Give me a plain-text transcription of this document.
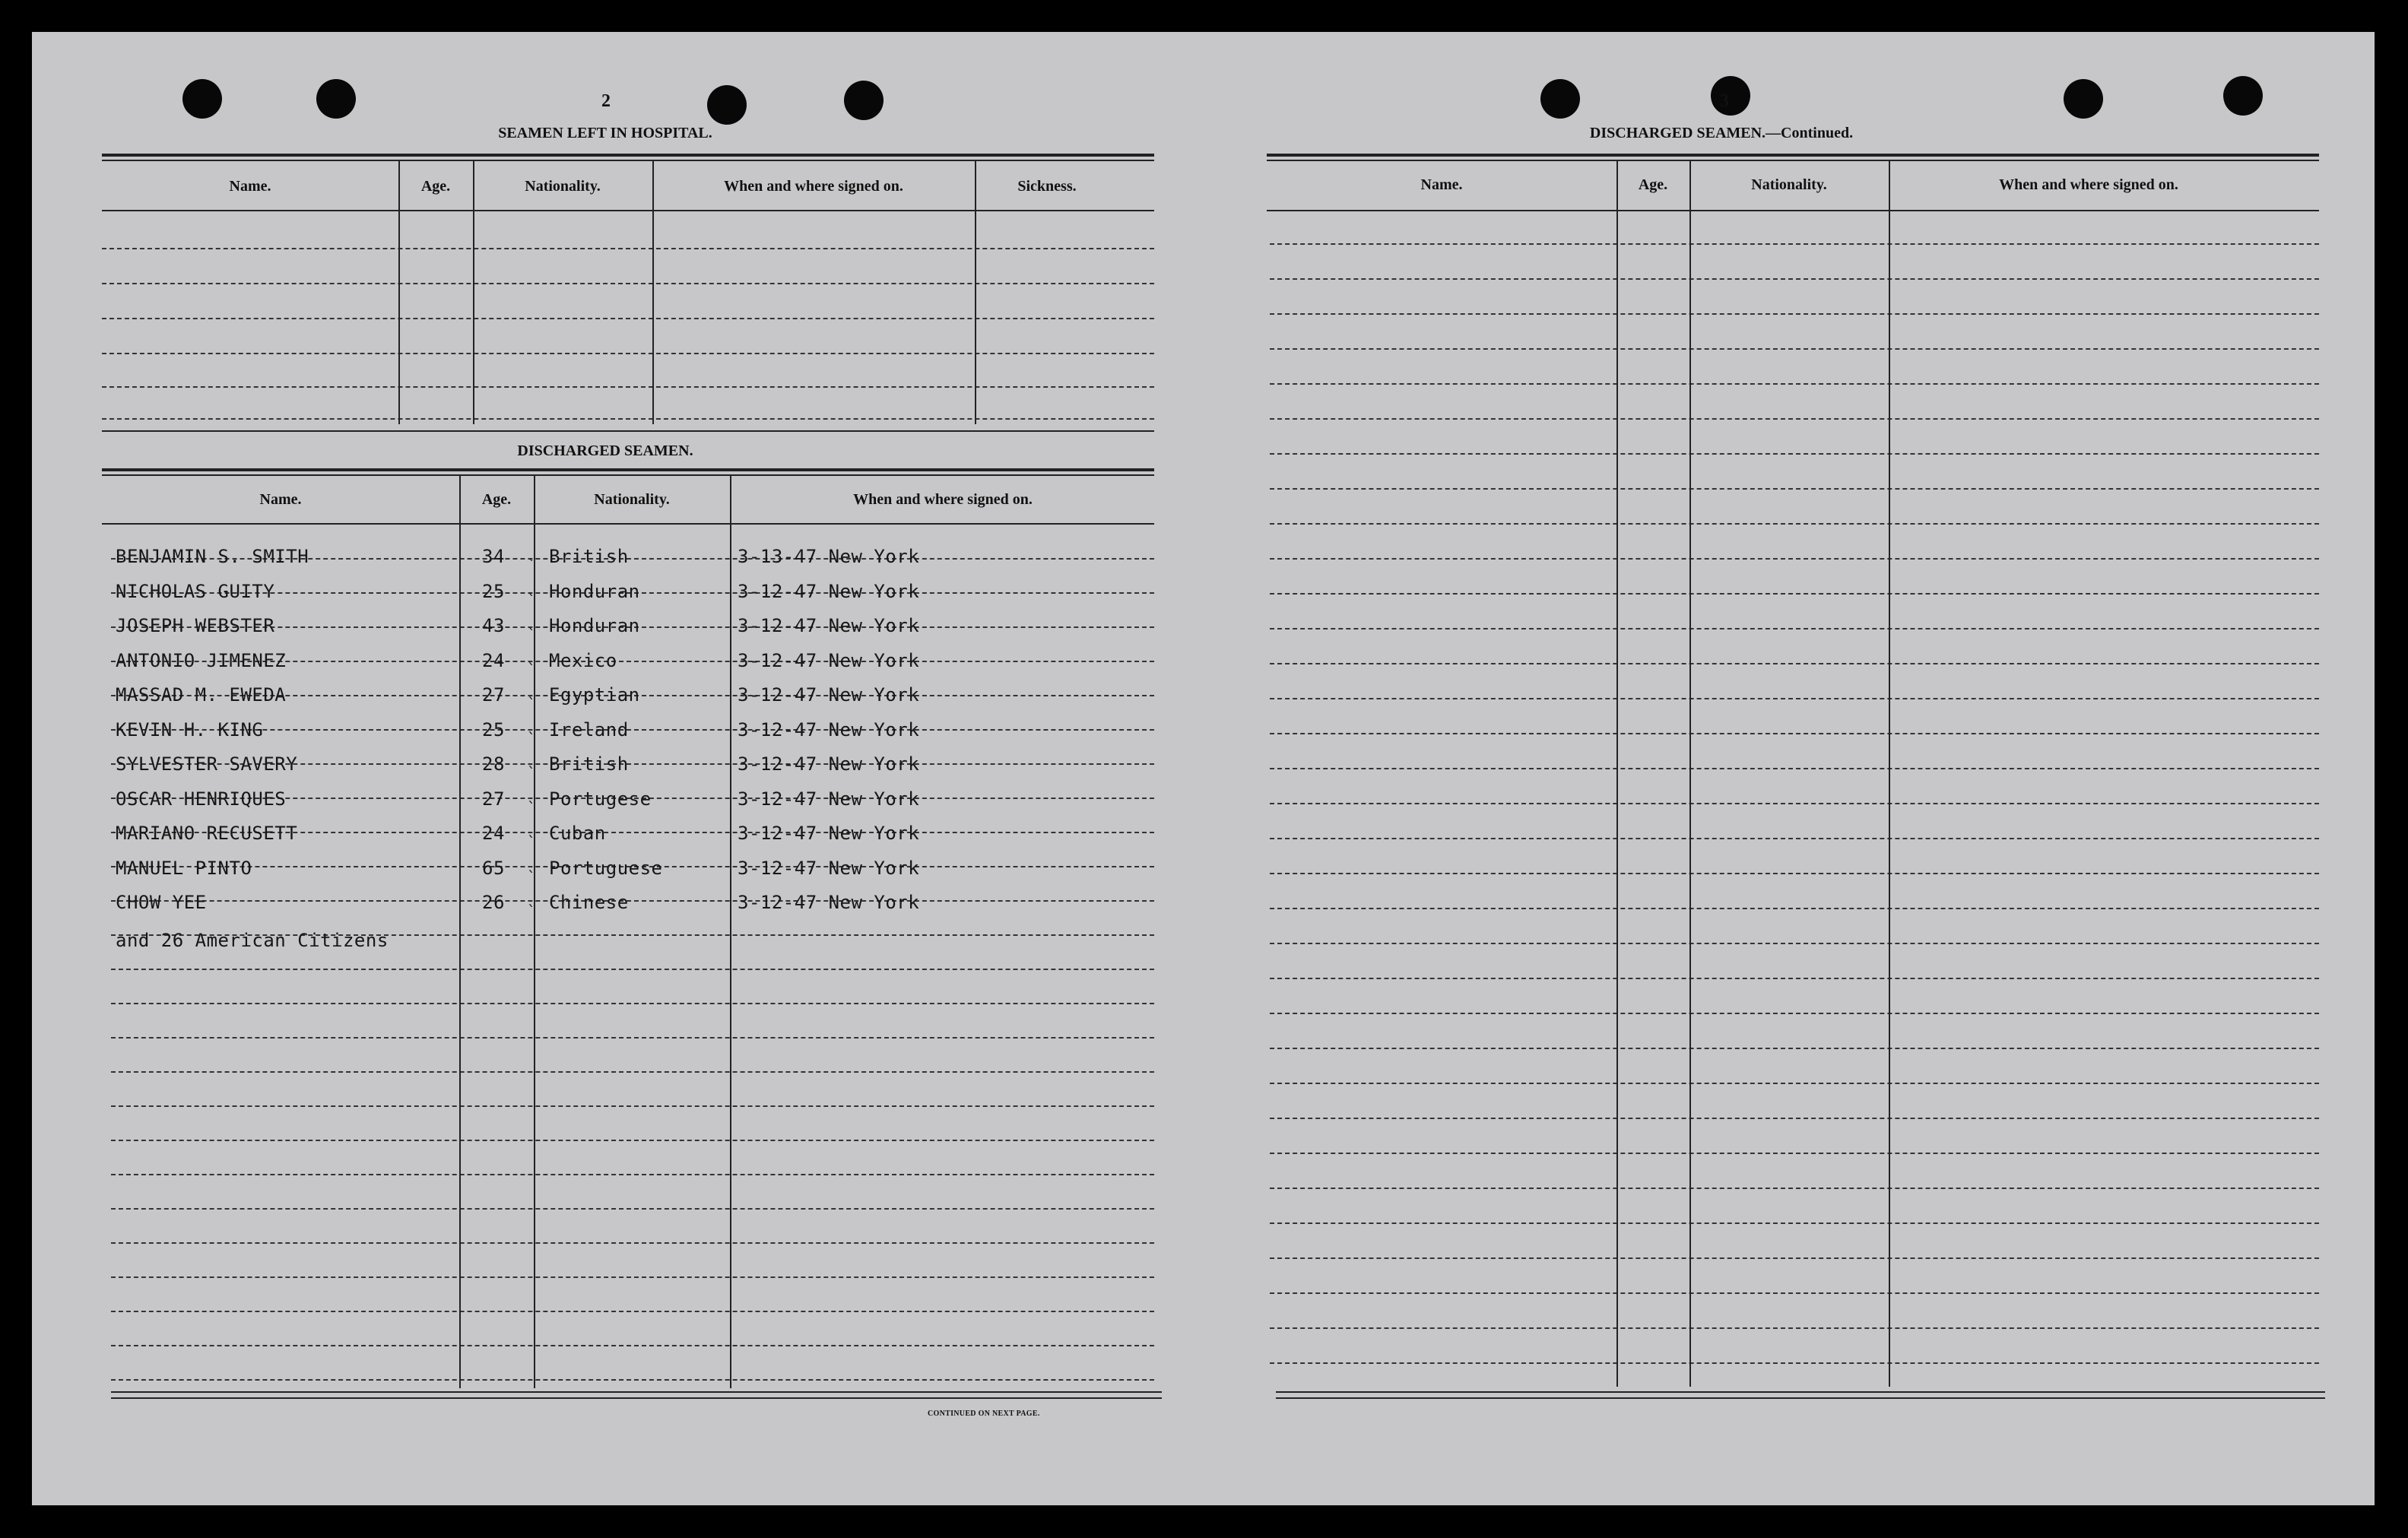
2
SEAMEN LEFT IN HOSPITAL.
Name.	Age.	Nationality.	When and where signed on.	Sickness.
DISCHARGED SEAMEN.
Name.	Age.	Nationality.	When and where signed on.
CONTINUED ON NEXT PAGE.
3
DISCHARGED SEAMEN.—Continued.
Name.	Age.	Nationality.	When and where signed on.
BENJAMIN S. SMITH	34 ˎ British	3-13-47 New York
NICHOLAS GUITY	25 ˎ Honduran	3-12-47 New York
JOSEPH WEBSTER	43 ˎ Honduran	3-12-47 New York
ANTONIO JIMENEZ	24 ˎ Mexico	3-12-47 New York
MASSAD M. EWEDA	27 ˎ Egyptian	3-12-47 New York
KEVIN H. KING	25 ˎ Ireland	3-12-47 New York
SYLVESTER SAVERY	28 ˎ British	3-12-47 New York
OSCAR HENRIQUES	27 ˎ Portugese	3-12-47 New York
MARIANO RECUSETT	24 ˎ Cuban	3-12-47 New York
MANUEL PINTO	65 ˎ Portuguese	3-12-47 New York
CHOW YEE	26 ˎ Chinese	3-12-47 New York
and 26 American Citizens
